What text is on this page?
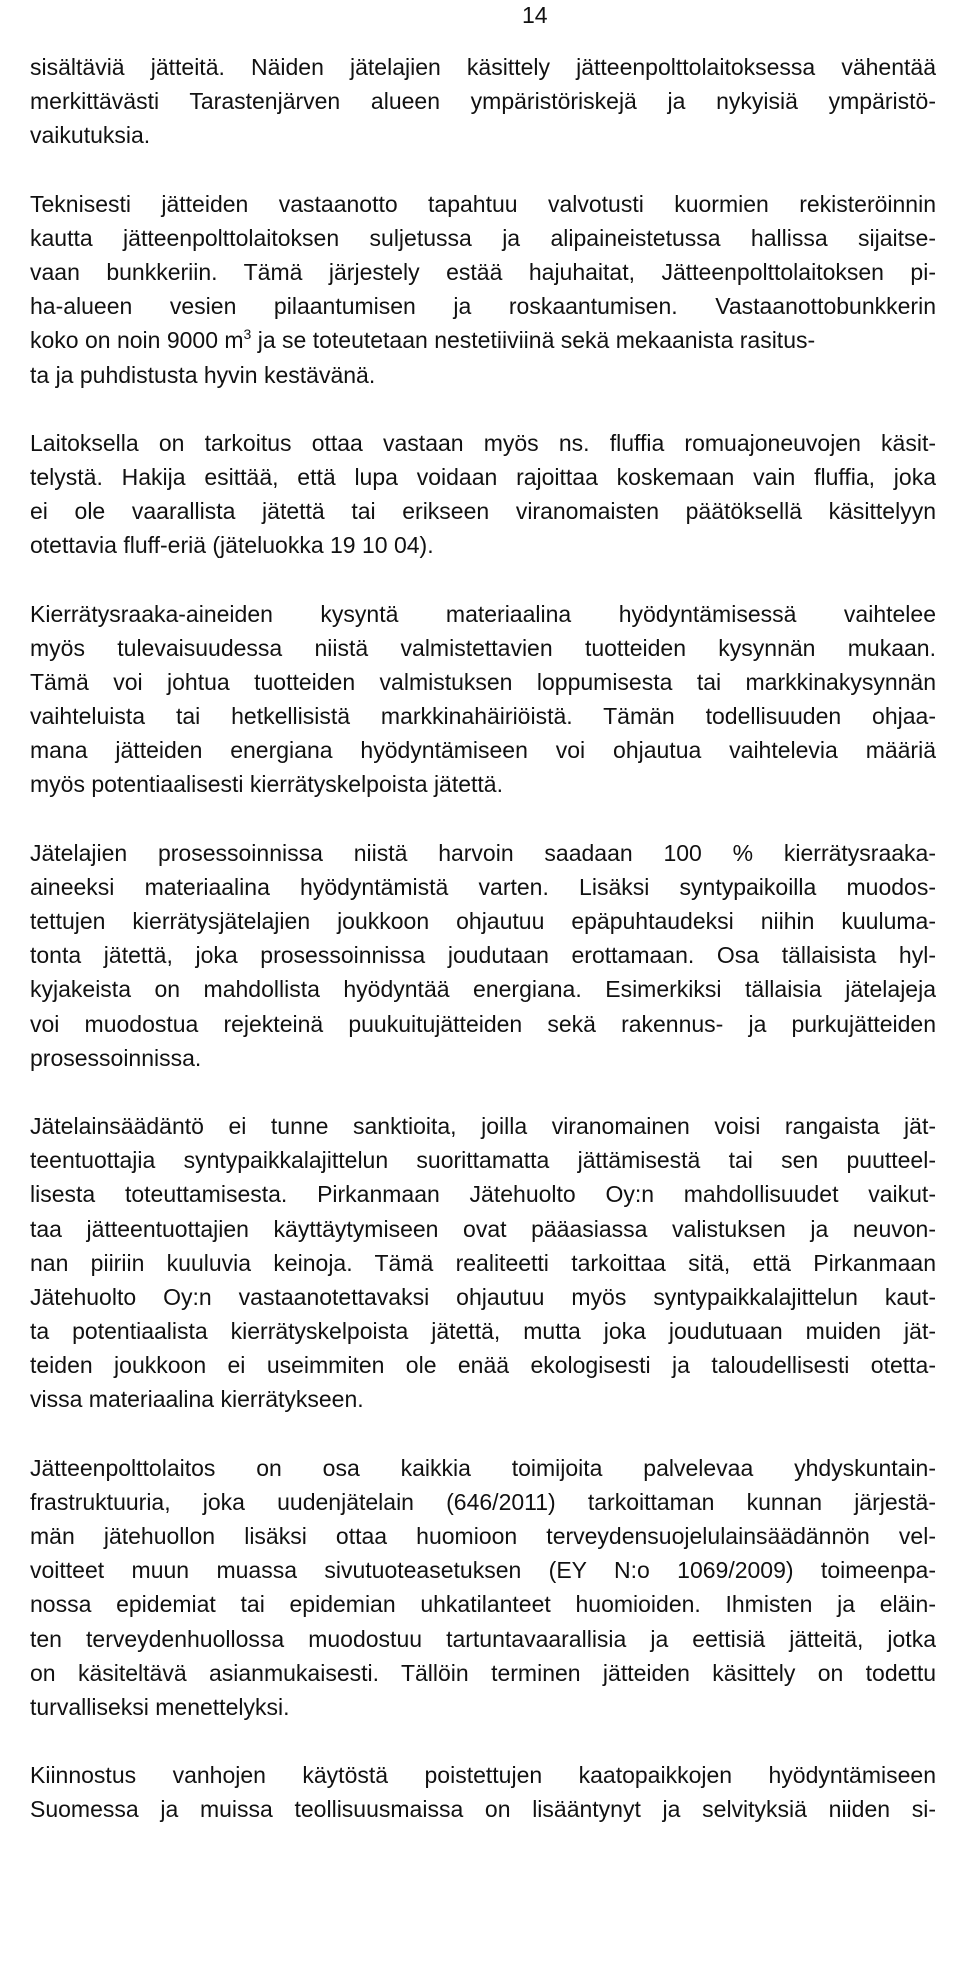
14

sisältäviä jätteitä. Näiden jätelajien käsittely jätteenpolttolaitoksessa vähentää
merkittävästi Tarastenjärven alueen ympäristöriskejä ja nykyisiä ympäristö-
vaikutuksia.

Teknisesti jätteiden vastaanotto tapahtuu valvotusti kuormien rekisteröinnin
kautta jätteenpolttolaitoksen suljetussa ja alipaineistetussa hallissa sijaitse-
vaan bunkkeriin. Tämä järjestely estää hajuhaitat, Jätteenpolttolaitoksen pi-
ha-alueen vesien pilaantumisen ja roskaantumisen. Vastaanottobunkkerin
koko on noin 9000 $m^3$ ja se toteutetaan nestetiiviinä sekä mekaanista rasitus-
ta ja puhdistusta hyvin kestävänä.

Laitoksella on tarkoitus ottaa vastaan myös ns. fluffia romuajoneuvojen käsit-
telystä. Hakija esittää, että lupa voidaan rajoittaa koskemaan vain fluffia, joka
ei ole vaarallista jätettä tai erikseen viranomaisten päätöksellä käsittelyyn
otettavia fluff-eriä (jäteluokka 19 10 04).

Kierrätysraaka-aineiden kysyntä materiaalina hyödyntämisessä vaihtelee
myös tulevaisuudessa niistä valmistettavien tuotteiden kysynnän mukaan.
Tämä voi johtua tuotteiden valmistuksen loppumisesta tai markkinakysynnän
vaihteluista tai hetkellisistä markkinahäiriöistä. Tämän todellisuuden ohjaa-
mana jätteiden energiana hyödyntämiseen voi ohjautua vaihtelevia määriä
myös potentiaalisesti kierrätyskelpoista jätettä.

Jätelajien prosessoinnissa niistä harvoin saadaan 100 % kierrätysraaka-
aineeksi materiaalina hyödyntämistä varten. Lisäksi syntypaikoilla muodos-
tettujen kierrätysjätelajien joukkoon ohjautuu epäpuhtaudeksi niihin kuuluma-
tonta jätettä, joka prosessoinnissa joudutaan erottamaan. Osa tällaisista hyl-
kyjakeista on mahdollista hyödyntää energiana. Esimerkiksi tällaisia jätelajeja
voi muodostua rejekteinä puukuitujätteiden sekä rakennus- ja purkujätteiden
prosessoinnissa.

Jätelainsäädäntö ei tunne sanktioita, joilla viranomainen voisi rangaista jät-
teentuottajia syntypaikkalajittelun suorittamatta jättämisestä tai sen puutteel-
lisesta toteuttamisesta. Pirkanmaan Jätehuolto Oy:n mahdollisuudet vaikut-
taa jätteentuottajien käyttäytymiseen ovat pääasiassa valistuksen ja neuvon-
nan piiriin kuuluvia keinoja. Tämä realiteetti tarkoittaa sitä, että Pirkanmaan
Jätehuolto Oy:n vastaanotettavaksi ohjautuu myös syntypaikkalajittelun kaut-
ta potentiaalista kierrätyskelpoista jätettä, mutta joka joudutuaan muiden jät-
teiden joukkoon ei useimmiten ole enää ekologisesti ja taloudellisesti otetta-
vissa materiaalina kierrätykseen.

Jätteenpolttolaitos on osa kaikkia toimijoita palvelevaa yhdyskuntain-
frastruktuuria, joka uudenjätelain (646/2011) tarkoittaman kunnan järjestä-
män jätehuollon lisäksi ottaa huomioon terveydensuojelulainsäädännön vel-
voitteet muun muassa sivutuoteasetuksen (EY N:o 1069/2009) toimeenpa-
nossa epidemiat tai epidemian uhkatilanteet huomioiden. Ihmisten ja eläin-
ten terveydenhuollossa muodostuu tartuntavaarallisia ja eettisiä jätteitä, jotka
on käsiteltävä asianmukaisesti. Tällöin terminen jätteiden käsittely on todettu
turvalliseksi menettelyksi.

Kiinnostus vanhojen käytöstä poistettujen kaatopaikkojen hyödyntämiseen
Suomessa ja muissa teollisuusmaissa on lisääntynyt ja selvityksiä niiden si-
